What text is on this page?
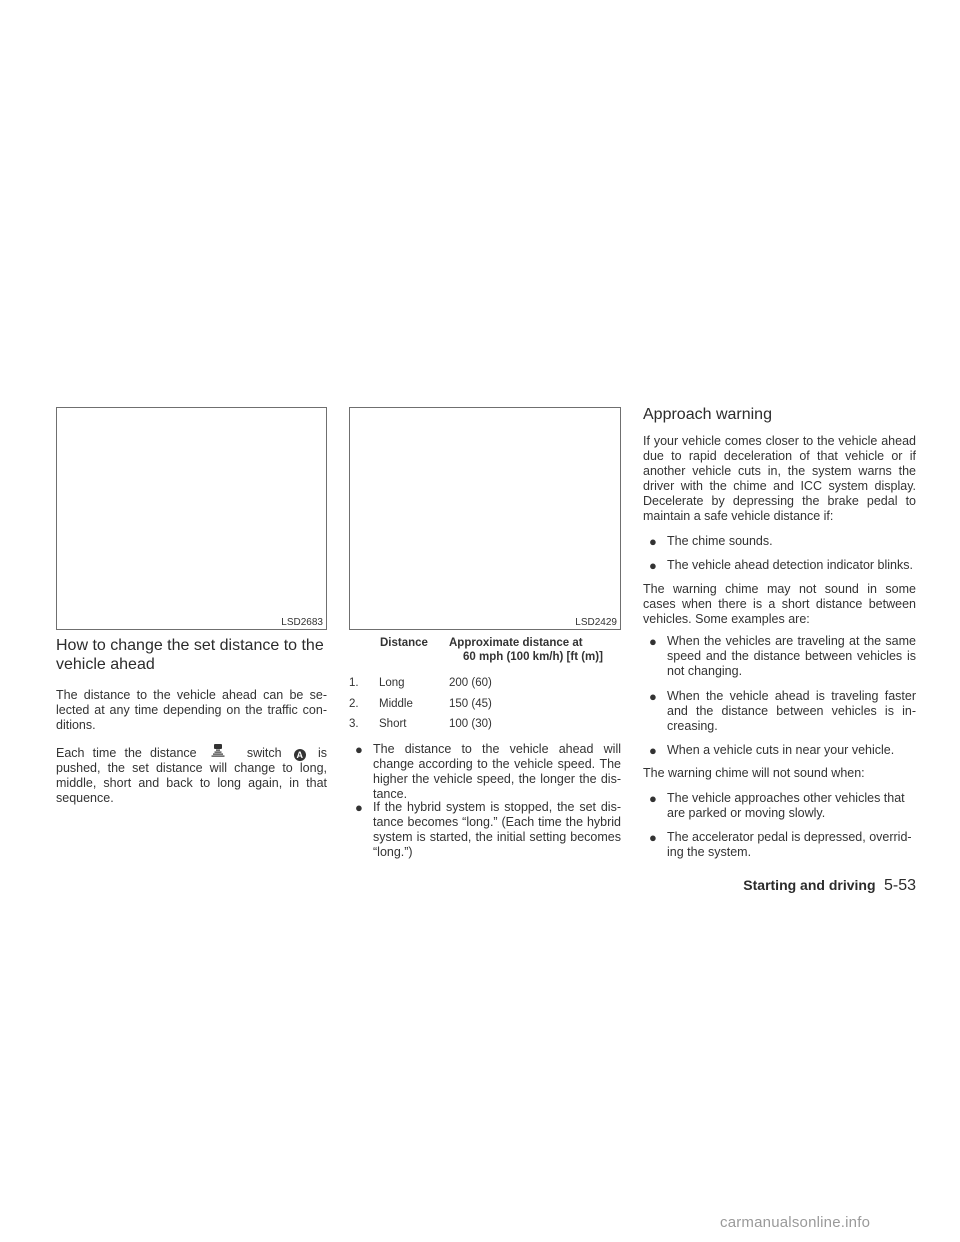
LSD2683	LSD2429
How to change the set distance to the
vehicle ahead

The distance to the vehicle ahead can be se-lected at any time depending on the traffic con-ditions.

Each time the distance	switch A is pushed, the set distance will change to long, middle, short and back to long again, in that sequence.

Distance Approximate distance at
60 mph (100 km/h) [ft (m)]
1. Long	200 (60)
2. Middle	150 (45)
3. Short	100 (30)
● The distance to the vehicle ahead will change according to the vehicle speed. The higher the vehicle speed, the longer the dis-tance.
● If the hybrid system is stopped, the set dis-tance becomes “long.” (Each time the hybrid system is started, the initial setting becomes “long.”)
Approach warning

If your vehicle comes closer to the vehicle ahead due to rapid deceleration of that vehicle or if another vehicle cuts in, the system warns the driver with the chime and ICC system display. Decelerate by depressing the brake pedal to maintain a safe vehicle distance if:

● The chime sounds.
● The vehicle ahead detection indicator blinks.

The warning chime may not sound in some cases when there is a short distance between vehicles. Some examples are:

● When the vehicles are traveling at the same speed and the distance between vehicles is not changing.
● When the vehicle ahead is traveling faster and the distance between vehicles is in-creasing.
● When a vehicle cuts in near your vehicle.

The warning chime will not sound when:

● The vehicle approaches other vehicles that are parked or moving slowly.
● The accelerator pedal is depressed, overrid-ing the system.
Starting and driving 5-53
carmanualsonline.info
